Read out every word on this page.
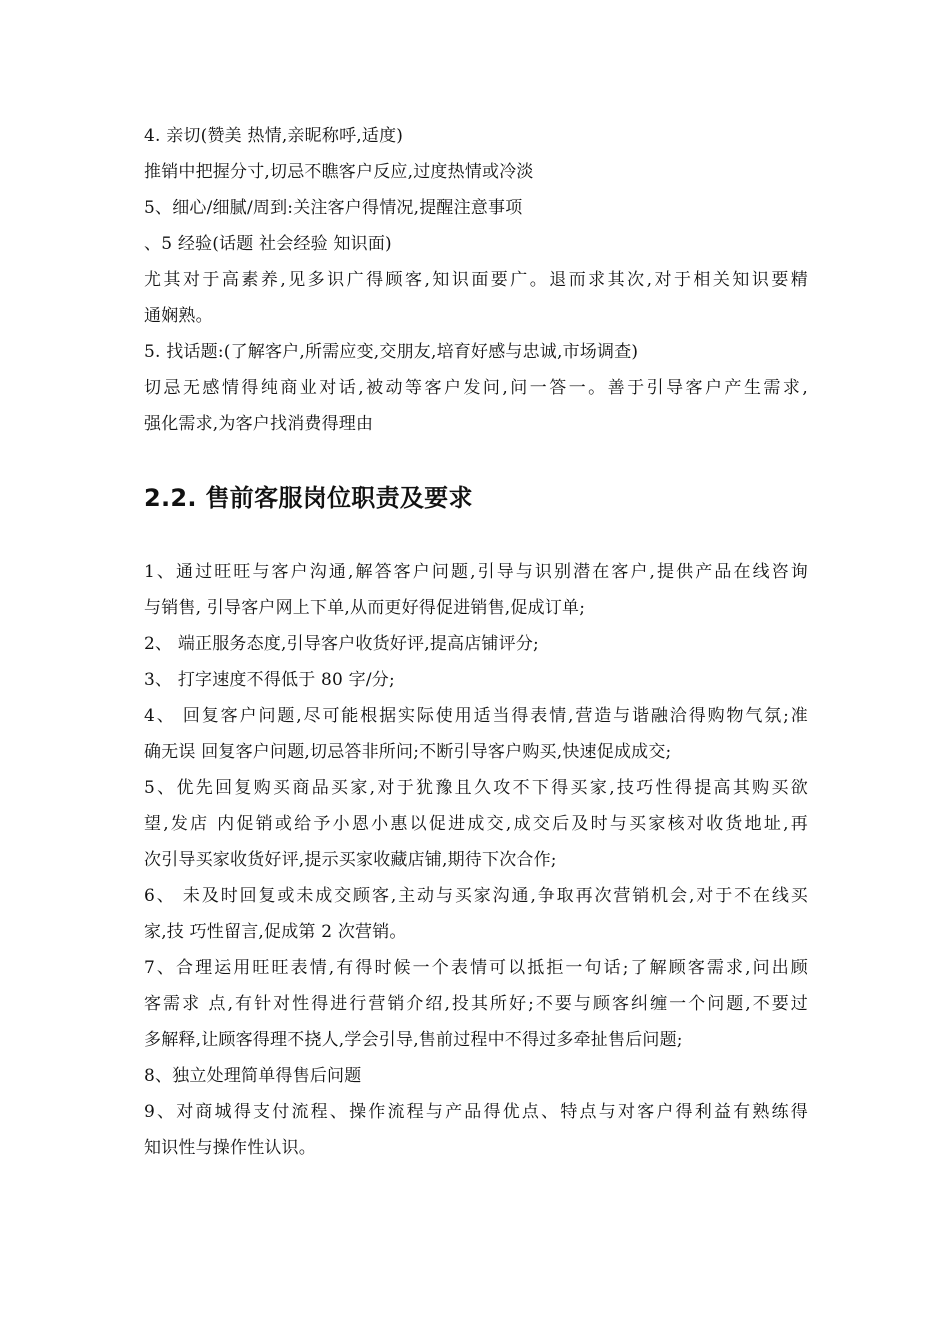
4. 亲切(赞美 热情,亲昵称呼,适度)
推销中把握分寸,切忌不瞧客户反应,过度热情或冷淡
5、细心/细腻/周到:关注客户得情况,提醒注意事项
、5 经验(话题 社会经验 知识面)
尤其对于高素养,见多识广得顾客,知识面要广。退而求其次,对于相关知识要精
通娴熟。
5. 找话题:(了解客户,所需应变,交朋友,培育好感与忠诚,市场调查)
切忌无感情得纯商业对话,被动等客户发问,问一答一。善于引导客户产生需求,
强化需求,为客户找消费得理由
2.2. 售前客服岗位职责及要求
1、通过旺旺与客户沟通,解答客户问题,引导与识别潜在客户,提供产品在线咨询
与销售, 引导客户网上下单,从而更好得促进销售,促成订单;
2、 端正服务态度,引导客户收货好评,提高店铺评分;
3、 打字速度不得低于 80 字/分;
4、 回复客户问题,尽可能根据实际使用适当得表情,营造与谐融洽得购物气氛;准
确无误 回复客户问题,切忌答非所问;不断引导客户购买,快速促成成交;
5、优先回复购买商品买家,对于犹豫且久攻不下得买家,技巧性得提高其购买欲
望,发店 内促销或给予小恩小惠以促进成交,成交后及时与买家核对收货地址,再
次引导买家收货好评,提示买家收藏店铺,期待下次合作;
6、 未及时回复或未成交顾客,主动与买家沟通,争取再次营销机会,对于不在线买
家,技 巧性留言,促成第 2 次营销。
7、合理运用旺旺表情,有得时候一个表情可以抵拒一句话;了解顾客需求,问出顾
客需求 点,有针对性得进行营销介绍,投其所好;不要与顾客纠缠一个问题,不要过
多解释,让顾客得理不挠人,学会引导,售前过程中不得过多牵扯售后问题;
8、独立处理简单得售后问题
9、对商城得支付流程、操作流程与产品得优点、特点与对客户得利益有熟练得
知识性与操作性认识。
